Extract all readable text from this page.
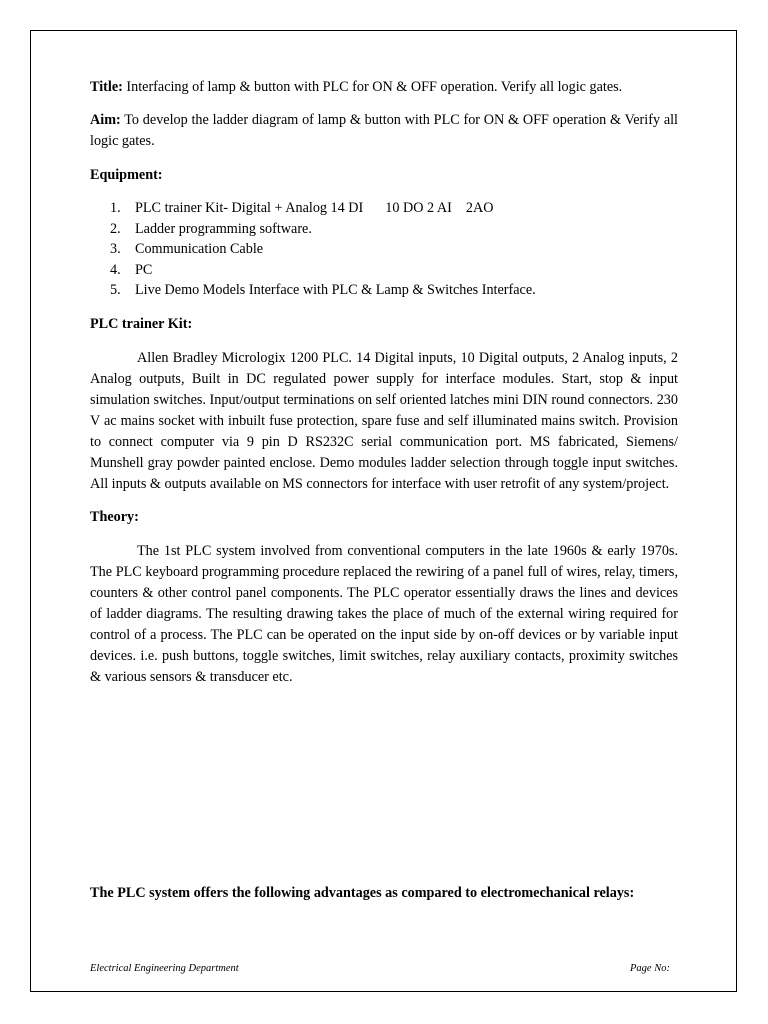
Title: Interfacing of lamp & button with PLC for ON & OFF operation. Verify all logic gates.

Aim: To develop the ladder diagram of lamp & button with PLC for ON & OFF operation & Verify all logic gates.

Equipment:

1. PLC trainer Kit- Digital + Analog 14 DI 10 DO 2 AI 2AO
2. Ladder programming software.
3. Communication Cable
4. PC
5. Live Demo Models Interface with PLC & Lamp & Switches Interface.

PLC trainer Kit:

Allen Bradley Micrologix 1200 PLC. 14 Digital inputs, 10 Digital outputs, 2 Analog inputs, 2 Analog outputs, Built in DC regulated power supply for interface modules. Start, stop & input simulation switches. Input/output terminations on self oriented latches mini DIN round connectors. 230 V ac mains socket with inbuilt fuse protection, spare fuse and self illuminated mains switch. Provision to connect computer via 9 pin D RS232C serial communication port. MS fabricated, Siemens/ Munshell gray powder painted enclose. Demo modules ladder selection through toggle input switches. All inputs & outputs available on MS connectors for interface with user retrofit of any system/project.

Theory:

The 1st PLC system involved from conventional computers in the late 1960s & early 1970s. The PLC keyboard programming procedure replaced the rewiring of a panel full of wires, relay, timers, counters & other control panel components. The PLC operator essentially draws the lines and devices of ladder diagrams. The resulting drawing takes the place of much of the external wiring required for control of a process. The PLC can be operated on the input side by on-off devices or by variable input devices. i.e. push buttons, toggle switches, limit switches, relay auxiliary contacts, proximity switches & various sensors & transducer etc.

The PLC system offers the following advantages as compared to electromechanical relays:

Electrical Engineering Department	Page No:
